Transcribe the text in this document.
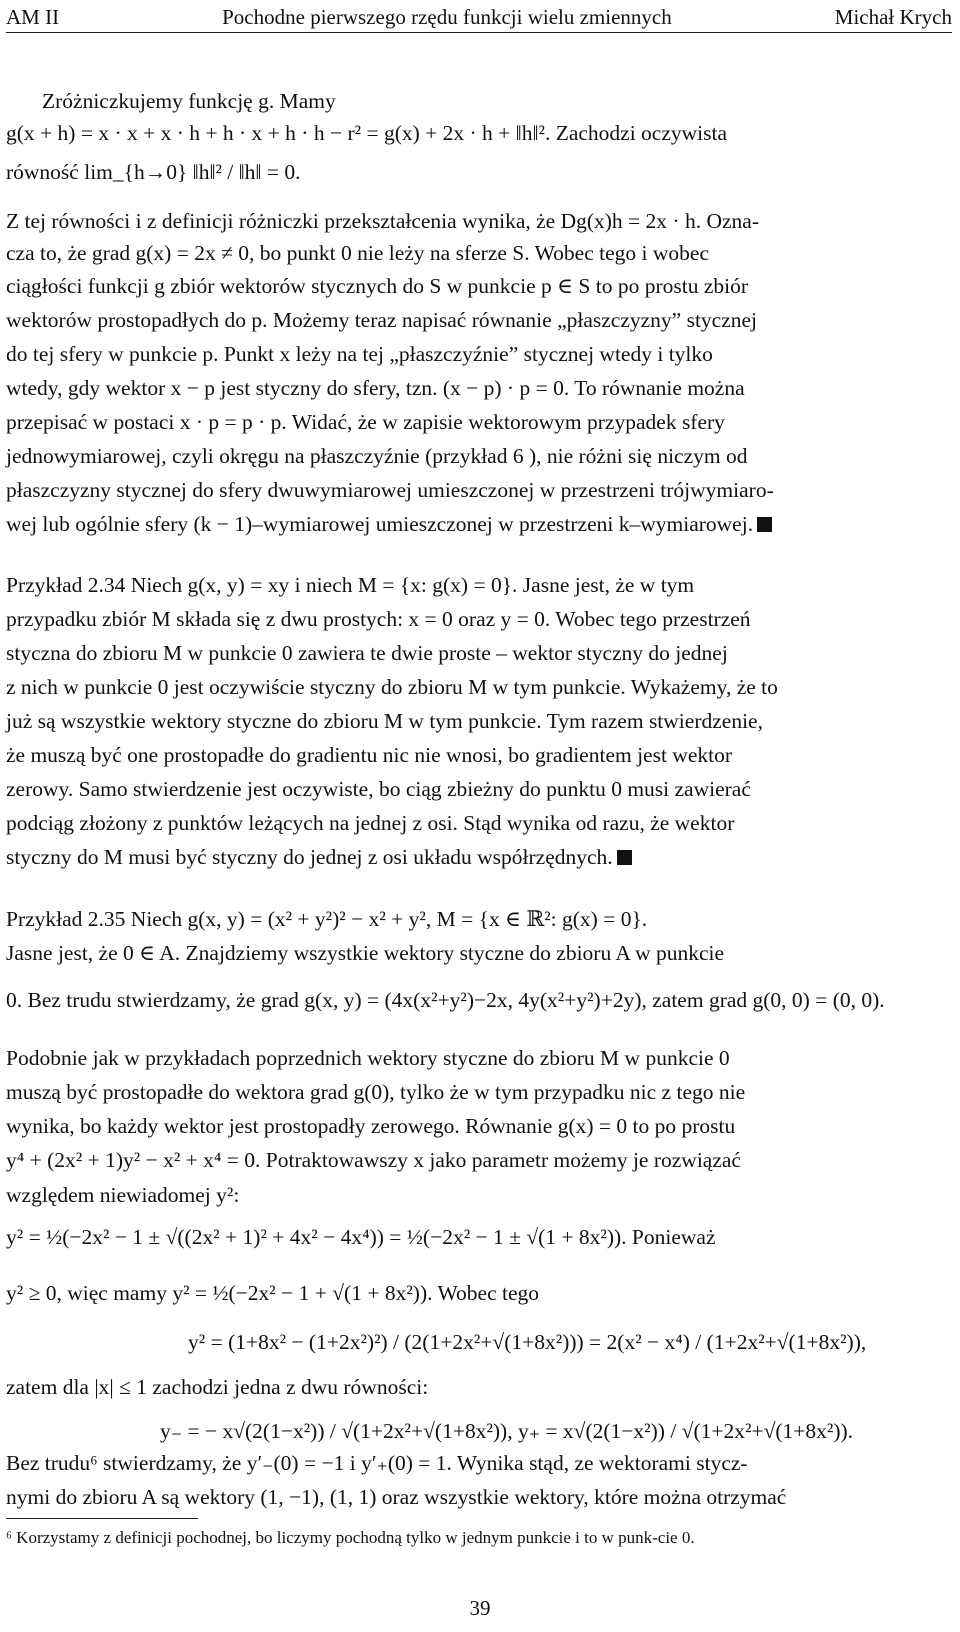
AM II	Pochodne pierwszego rzędu funkcji wielu zmiennych	Michał Krych
Zróżniczkujemy funkcję g. Mamy
g(x + h) = x · x + x · h + h · x + h · h − r² = g(x) + 2x · h + ‖h‖². Zachodzi oczywista
równość lim_{h→0} ‖h‖² / ‖h‖ = 0.
Z tej równości i z definicji różniczki przekształcenia wynika, że Dg(x)h = 2x · h. Ozna-
cza to, że grad g(x) = 2x ≠ 0, bo punkt 0 nie leży na sferze S. Wobec tego i wobec
ciągłości funkcji g zbiór wektorów stycznych do S w punkcie p ∈ S to po prostu zbiór
wektorów prostopadłych do p. Możemy teraz napisać równanie „płaszczyzny” stycznej
do tej sfery w punkcie p. Punkt x leży na tej „płaszczyźnie” stycznej wtedy i tylko
wtedy, gdy wektor x − p jest styczny do sfery, tzn. (x − p) · p = 0. To równanie można
przepisać w postaci x · p = p · p. Widać, że w zapisie wektorowym przypadek sfery
jednowymiarowej, czyli okręgu na płaszczyźnie (przykład 6 ), nie różni się niczym od
płaszczyzny stycznej do sfery dwuwymiarowej umieszczonej w przestrzeni trójwymiaro-
wej lub ogólnie sfery (k − 1)–wymiarowej umieszczonej w przestrzeni k–wymiarowej.
Przykład 2.34 Niech g(x, y) = xy i niech M = {x: g(x) = 0}. Jasne jest, że w tym
przypadku zbiór M składa się z dwu prostych: x = 0 oraz y = 0. Wobec tego przestrzeń
styczna do zbioru M w punkcie 0 zawiera te dwie proste – wektor styczny do jednej
z nich w punkcie 0 jest oczywiście styczny do zbioru M w tym punkcie. Wykażemy, że to
już są wszystkie wektory styczne do zbioru M w tym punkcie. Tym razem stwierdzenie,
że muszą być one prostopadłe do gradientu nic nie wnosi, bo gradientem jest wektor
zerowy. Samo stwierdzenie jest oczywiste, bo ciąg zbieżny do punktu 0 musi zawierać
podciąg złożony z punktów leżących na jednej z osi. Stąd wynika od razu, że wektor
styczny do M musi być styczny do jednej z osi układu współrzędnych.
Przykład 2.35 Niech g(x, y) = (x² + y²)² − x² + y², M = {x ∈ ℝ²: g(x) = 0}.
Jasne jest, że 0 ∈ A. Znajdziemy wszystkie wektory styczne do zbioru A w punkcie
0. Bez trudu stwierdzamy, że grad g(x, y) = (4x(x²+y²)−2x, 4y(x²+y²)+2y), zatem grad g(0, 0) = (0, 0).
Podobnie jak w przykładach poprzednich wektory styczne do zbioru M w punkcie 0
muszą być prostopadłe do wektora grad g(0), tylko że w tym przypadku nic z tego nie
wynika, bo każdy wektor jest prostopadły zerowego. Równanie g(x) = 0 to po prostu
y⁴ + (2x² + 1)y² − x² + x⁴ = 0. Potraktowawszy x jako parametr możemy je rozwiązać
względem niewiadomej y²:
y² = ½(−2x² − 1 ± √((2x² + 1)² + 4x² − 4x⁴)) = ½(−2x² − 1 ± √(1 + 8x²)). Ponieważ
y² ≥ 0, więc mamy y² = ½(−2x² − 1 + √(1 + 8x²)). Wobec tego
y² = (1+8x² − (1+2x²)²) / (2(1+2x²+√(1+8x²))) = 2(x² − x⁴) / (1+2x²+√(1+8x²)),
zatem dla |x| ≤ 1 zachodzi jedna z dwu równości:
y₋ = − x√(2(1−x²)) / √(1+2x²+√(1+8x²)), y₊ = x√(2(1−x²)) / √(1+2x²+√(1+8x²)).
Bez trudu⁶ stwierdzamy, że y′₋(0) = −1 i y′₊(0) = 1. Wynika stąd, ze wektorami stycz-
nymi do zbioru A są wektory (1, −1), (1, 1) oraz wszystkie wektory, które można otrzymać
⁶ Korzystamy z definicji pochodnej, bo liczymy pochodną tylko w jednym punkcie i to w punk-cie 0.
39
